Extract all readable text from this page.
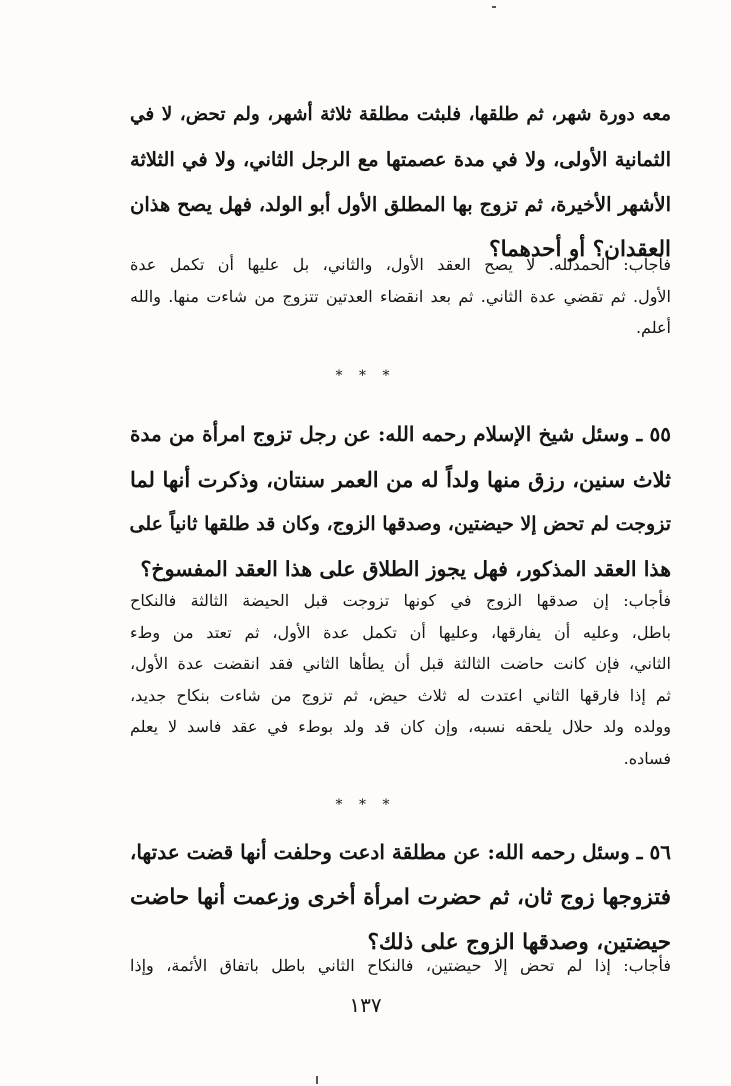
معه دورة شهر، ثم طلقها، فلبثت مطلقة ثلاثة أشهر، ولم تحض، لا في
الثمانية الأولى، ولا في مدة عصمتها مع الرجل الثاني، ولا في الثلاثة
الأشهر الأخيرة، ثم تزوج بها المطلق الأول أبو الولد، فهل يصح هذان
العقدان؟ أو أحدهما؟
فأجاب: الحمدلله. لا يصح العقد الأول، والثاني، بل عليها أن تكمل عدة
الأول. ثم تقضي عدة الثاني. ثم بعد انقضاء العدتين تتزوج من شاءت منها. والله
أعلم.
* * *
٥٥ ـ وسئل شيخ الإسلام رحمه الله: عن رجل تزوج امرأة من مدة
ثلاث سنين، رزق منها ولداً له من العمر سنتان، وذكرت أنها لما
تزوجت لم تحض إلا حيضتين، وصدقها الزوج، وكان قد طلقها ثانياً على
هذا العقد المذكور، فهل يجوز الطلاق على هذا العقد المفسوخ؟
فأجاب: إن صدقها الزوج في كونها تزوجت قبل الحيضة الثالثة فالنكاح
باطل، وعليه أن يفارقها، وعليها أن تكمل عدة الأول، ثم تعتد من وطء
الثاني، فإن كانت حاضت الثالثة قبل أن يطأها الثاني فقد انقضت عدة الأول،
ثم إذا فارقها الثاني اعتدت له ثلاث حيض، ثم تزوج من شاءت بنكاح جديد،
وولده ولد حلال يلحقه نسبه، وإن كان قد ولد بوطء في عقد فاسد لا يعلم
فساده.
* * *
٥٦ ـ وسئل رحمه الله: عن مطلقة ادعت وحلفت أنها قضت عدتها،
فتزوجها زوج ثان، ثم حضرت امرأة أخرى وزعمت أنها حاضت
حيضتين، وصدقها الزوج على ذلك؟
فأجاب: إذا لم تحض إلا حيضتين، فالنكاح الثاني باطل باتفاق الأئمة، وإذا
١٣٧
